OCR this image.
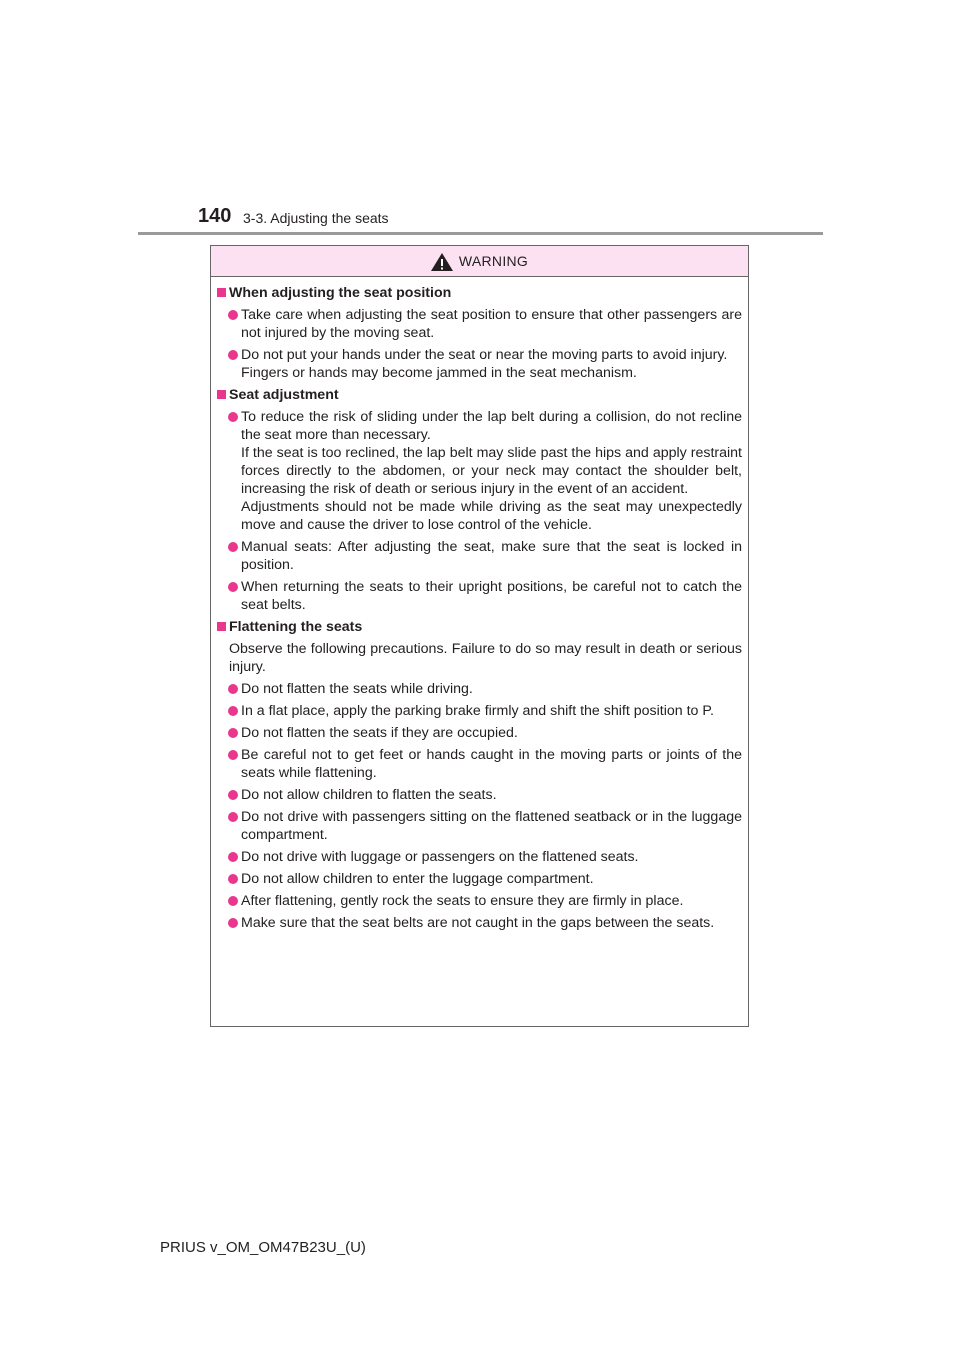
140 3-3. Adjusting the seats
WARNING
When adjusting the seat position
Take care when adjusting the seat position to ensure that other passengers are not injured by the moving seat.
Do not put your hands under the seat or near the moving parts to avoid injury.
Fingers or hands may become jammed in the seat mechanism.
Seat adjustment
To reduce the risk of sliding under the lap belt during a collision, do not recline the seat more than necessary.
If the seat is too reclined, the lap belt may slide past the hips and apply restraint forces directly to the abdomen, or your neck may contact the shoulder belt, increasing the risk of death or serious injury in the event of an accident.
Adjustments should not be made while driving as the seat may unexpectedly move and cause the driver to lose control of the vehicle.
Manual seats: After adjusting the seat, make sure that the seat is locked in position.
When returning the seats to their upright positions, be careful not to catch the seat belts.
Flattening the seats
Observe the following precautions. Failure to do so may result in death or serious injury.
Do not flatten the seats while driving.
In a flat place, apply the parking brake firmly and shift the shift position to P.
Do not flatten the seats if they are occupied.
Be careful not to get feet or hands caught in the moving parts or joints of the seats while flattening.
Do not allow children to flatten the seats.
Do not drive with passengers sitting on the flattened seatback or in the luggage compartment.
Do not drive with luggage or passengers on the flattened seats.
Do not allow children to enter the luggage compartment.
After flattening, gently rock the seats to ensure they are firmly in place.
Make sure that the seat belts are not caught in the gaps between the seats.
PRIUS v_OM_OM47B23U_(U)
